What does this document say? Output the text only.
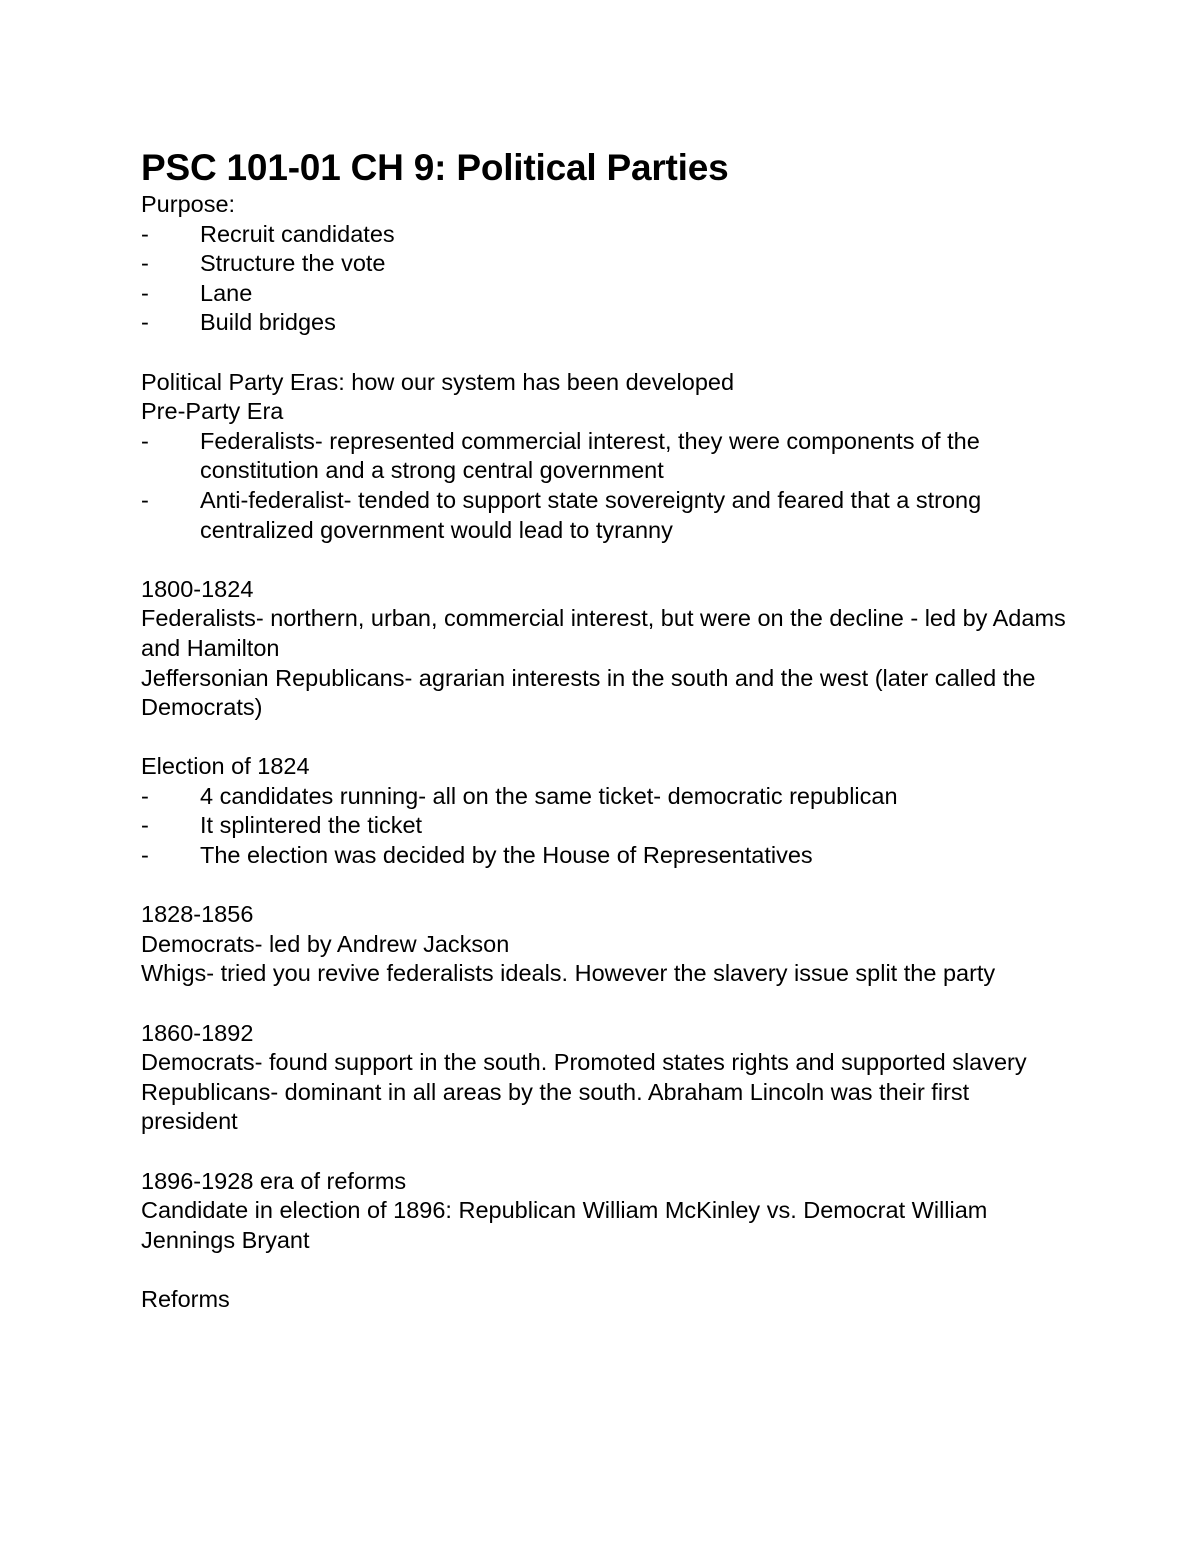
PSC 101-01 CH 9: Political Parties

Purpose:

- Recruit candidates
- Structure the vote
- Lane
- Build bridges

Political Party Eras: how our system has been developed

Pre-Party Era

- Federalists- represented commercial interest, they were components of the constitution and a strong central government
- Anti-federalist- tended to support state sovereignty and feared that a strong centralized government would lead to tyranny

1800-1824

Federalists- northern, urban, commercial interest, but were on the decline - led by Adams and Hamilton

Jeffersonian Republicans- agrarian interests in the south and the west (later called the Democrats)

Election of 1824

- 4 candidates running- all on the same ticket- democratic republican
- It splintered the ticket
- The election was decided by the House of Representatives

1828-1856

Democrats- led by Andrew Jackson

Whigs- tried you revive federalists ideals. However the slavery issue split the party

1860-1892

Democrats- found support in the south. Promoted states rights and supported slavery

Republicans- dominant in all areas by the south. Abraham Lincoln was their first president

1896-1928 era of reforms

Candidate in election of 1896: Republican William McKinley vs. Democrat William Jennings Bryant

Reforms
